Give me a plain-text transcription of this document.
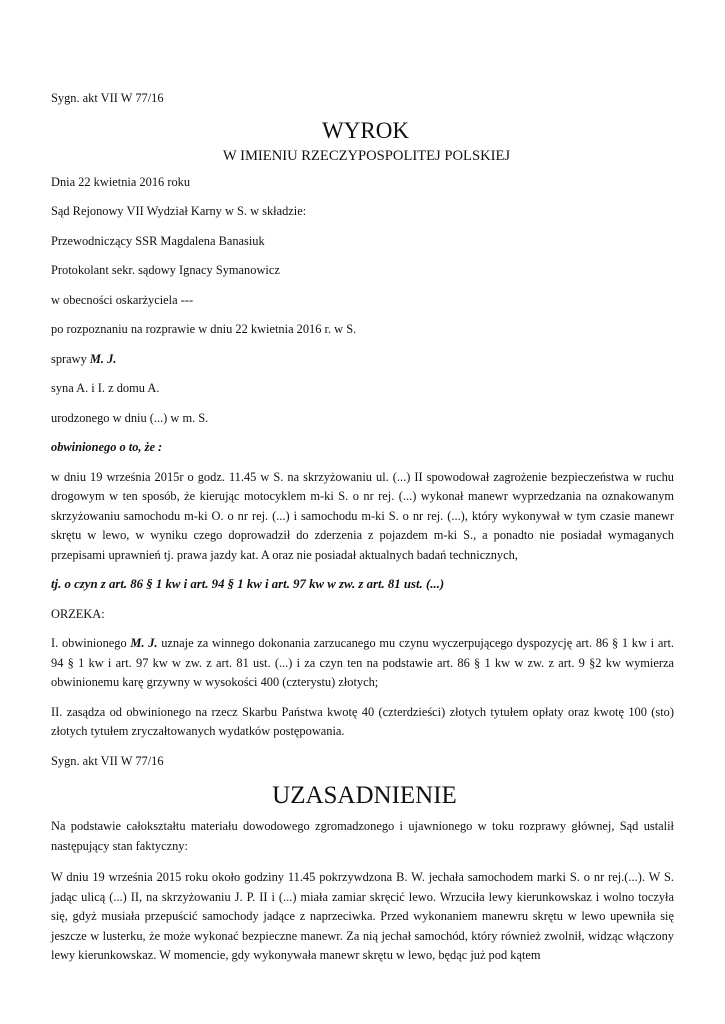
Sygn. akt VII W 77/16

WYROK

W IMIENIU RZECZYPOSPOLITEJ POLSKIEJ

Dnia 22 kwietnia 2016 roku

Sąd Rejonowy VII Wydział Karny w S. w składzie:

Przewodniczący SSR Magdalena Banasiuk

Protokolant sekr. sądowy Ignacy Symanowicz

w obecności oskarżyciela ---

po rozpoznaniu na rozprawie w dniu 22 kwietnia 2016 r. w S.

sprawy M. J.

syna A. i I. z domu A.

urodzonego w dniu (...) w m. S.

obwinionego o to, że :

w dniu 19 września 2015r o godz. 11.45 w S. na skrzyżowaniu ul. (...) II spowodował zagrożenie bezpieczeństwa w ruchu drogowym w ten sposób, że kierując motocyklem m-ki S. o nr rej. (...) wykonał manewr wyprzedzania na oznakowanym skrzyżowaniu samochodu m-ki O. o nr rej. (...) i samochodu m-ki S. o nr rej. (...), który wykonywał w tym czasie manewr skrętu w lewo, w wyniku czego doprowadził do zderzenia z pojazdem m-ki S., a ponadto nie posiadał wymaganych przepisami uprawnień tj. prawa jazdy kat. A oraz nie posiadał aktualnych badań technicznych,

tj. o czyn z art. 86 § 1 kw i art. 94 § 1 kw i art. 97 kw w zw. z art. 81 ust. (...)

ORZEKA:

I. obwinionego M. J. uznaje za winnego dokonania zarzucanego mu czynu wyczerpującego dyspozycję art. 86 § 1 kw i art. 94 § 1 kw i art. 97 kw w zw. z art. 81 ust. (...) i za czyn ten na podstawie art. 86 § 1 kw w zw. z art. 9 §2 kw wymierza obwinionemu karę grzywny w wysokości 400 (czterystu) złotych;

II. zasądza od obwinionego na rzecz Skarbu Państwa kwotę 40 (czterdzieści) złotych tytułem opłaty oraz kwotę 100 (sto) złotych tytułem zryczałtowanych wydatków postępowania.

Sygn. akt VII W 77/16

UZASADNIENIE

Na podstawie całokształtu materiału dowodowego zgromadzonego i ujawnionego w toku rozprawy głównej, Sąd ustalił następujący stan faktyczny:

W dniu 19 września 2015 roku około godziny 11.45 pokrzywdzona B. W. jechała samochodem marki S. o nr rej.(...). W S. jadąc ulicą (...) II, na skrzyżowaniu J. P. II i (...) miała zamiar skręcić lewo. Wrzuciła lewy kierunkowskaz i wolno toczyła się, gdyż musiała przepuścić samochody jadące z naprzeciwka. Przed wykonaniem manewru skrętu w lewo upewniła się jeszcze w lusterku, że może wykonać bezpieczne manewr. Za nią jechał samochód, który również zwolnił, widząc włączony lewy kierunkowskaz. W momencie, gdy wykonywała manewr skrętu w lewo, będąc już pod kątem
